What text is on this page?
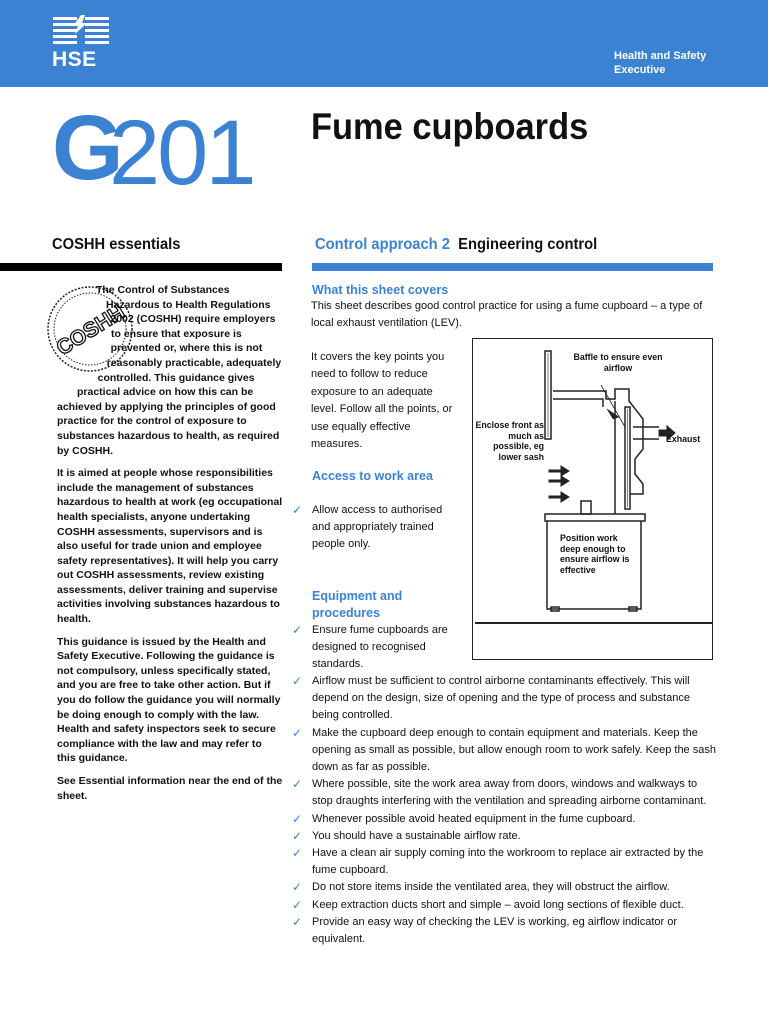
HSE	Health and Safety
Executive
G
201 Fume cupboards
COSHH essentials
COSHH

The Control of Substances Hazardous to Health Regulations 2002 (COSHH) require employers to ensure that exposure is prevented or, where this is not reasonably practicable, adequately controlled. This guidance gives practical advice on how this can be achieved by applying the principles of good practice for the control of exposure to substances hazardous to health, as required by COSHH.

It is aimed at people whose responsibilities include the management of substances hazardous to health at work (eg occupational health specialists, anyone undertaking COSHH assessments, supervisors and is also useful for trade union and employee safety representatives). It will help you carry out COSHH assessments, review existing assessments, deliver training and supervise activities involving substances hazardous to health.

This guidance is issued by the Health and Safety Executive. Following the guidance is not compulsory, unless specifically stated, and you are free to take other action. But if you do follow the guidance you will normally be doing enough to comply with the law. Health and safety inspectors seek to secure compliance with the law and may refer to this guidance.

See Essential information near the end of the sheet.

Control approach 2 Engineering control
What this sheet covers
This sheet describes good control practice for using a fume cupboard – a type of local exhaust ventilation (LEV).
It covers the key points you need to follow to reduce exposure to an adequate level. Follow all the points, or use equally effective measures.
Access to work area
✓ Allow access to authorised and appropriately trained people only.
Equipment and procedures
✓ Ensure fume cupboards are designed to recognised standards.
✓ Airflow must be sufficient to control airborne contaminants effectively. This will depend on the design, size of opening and the type of process and substance being controlled.
✓ Make the cupboard deep enough to contain equipment and materials. Keep the opening as small as possible, but allow enough room to work safely. Keep the sash down as far as possible.
✓ Where possible, site the work area away from doors, windows and walkways to stop draughts interfering with the ventilation and spreading airborne contaminant.
✓ Whenever possible avoid heated equipment in the fume cupboard.
✓ You should have a sustainable airflow rate.
✓ Have a clean air supply coming into the workroom to replace air extracted by the fume cupboard.
✓ Do not store items inside the ventilated area, they will obstruct the airflow.
✓ Keep extraction ducts short and simple – avoid long sections of flexible duct.
✓ Provide an easy way of checking the LEV is working, eg airflow indicator or equivalent.
Baffle to ensure even airflow
Enclose front as much as possible, eg lower sash
Exhaust
Position work deep enough to ensure airflow is effective
